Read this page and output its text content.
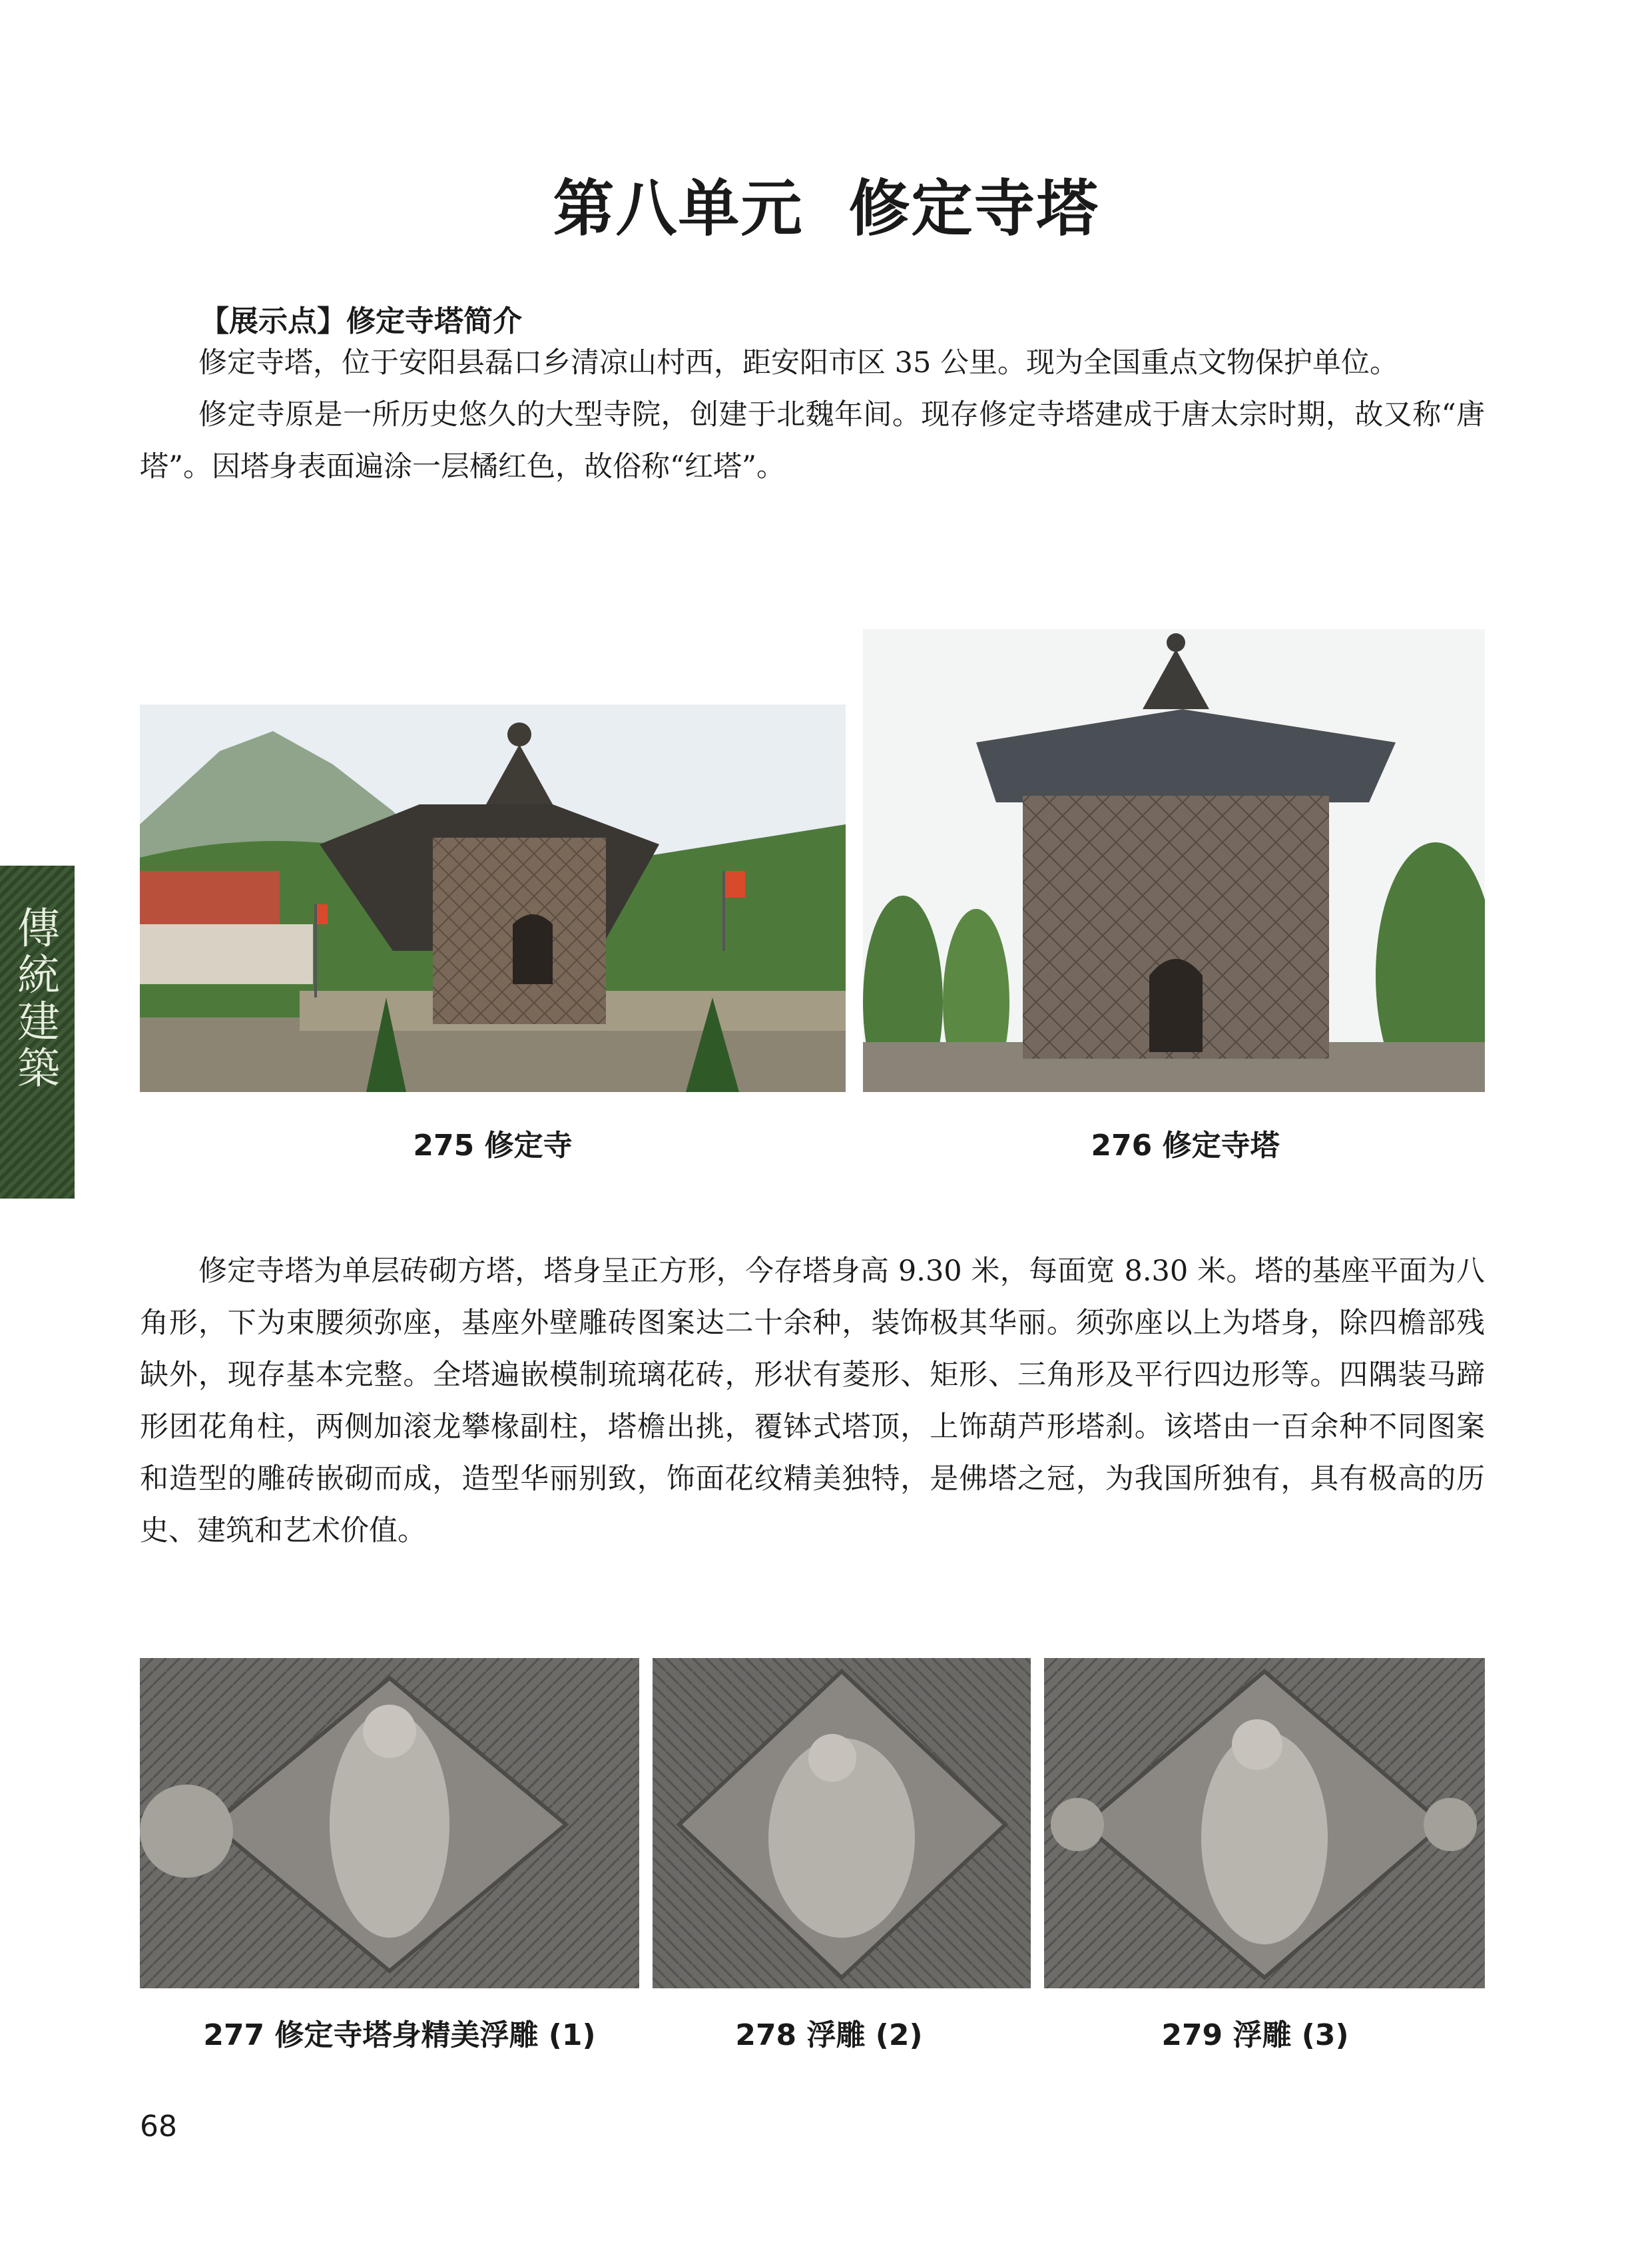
第八单元  修定寺塔
【展示点】修定寺塔简介

修定寺塔，位于安阳县磊口乡清凉山村西，距安阳市区 35 公里。现为全国重点文物保护单位。

修定寺原是一所历史悠久的大型寺院，创建于北魏年间。现存修定寺塔建成于唐太宗时期，故又称“唐塔”。因塔身表面遍涂一层橘红色，故俗称“红塔”。

275 修定寺	276 修定寺塔

修定寺塔为单层砖砌方塔，塔身呈正方形，今存塔身高 9.30 米，每面宽 8.30 米。塔的基座平面为八角形，下为束腰须弥座，基座外壁雕砖图案达二十余种，装饰极其华丽。须弥座以上为塔身，除四檐部残缺外，现存基本完整。全塔遍嵌模制琉璃花砖，形状有菱形、矩形、三角形及平行四边形等。四隅装马蹄形团花角柱，两侧加滚龙攀椽副柱，塔檐出挑，覆钵式塔顶，上饰葫芦形塔刹。该塔由一百余种不同图案和造型的雕砖嵌砌而成，造型华丽别致，饰面花纹精美独特，是佛塔之冠，为我国所独有，具有极高的历史、建筑和艺术价值。

277 修定寺塔身精美浮雕 (1)	278 浮雕 (2)	279 浮雕 (3)
傳統建築
68
